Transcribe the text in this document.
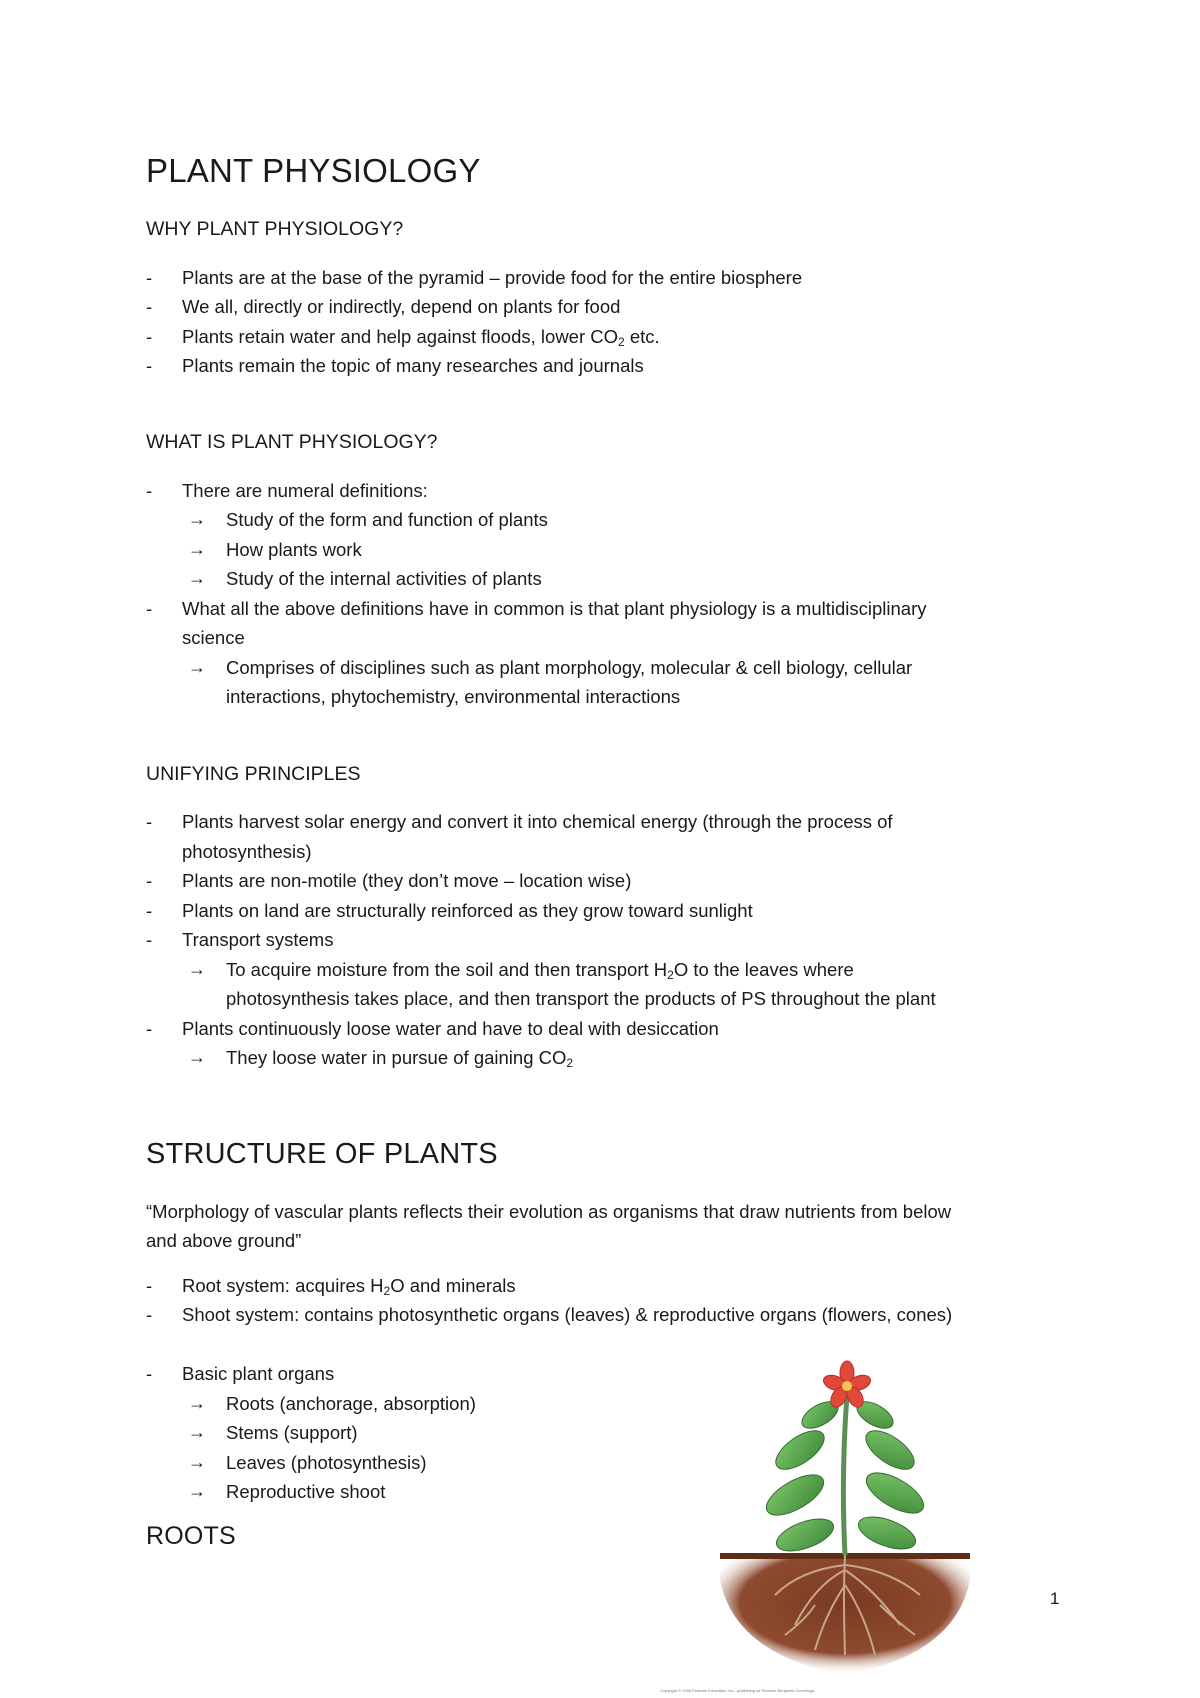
PLANT PHYSIOLOGY
WHY PLANT PHYSIOLOGY?
- Plants are at the base of the pyramid – provide food for the entire biosphere
- We all, directly or indirectly, depend on plants for food
- Plants retain water and help against floods, lower $CO_2$ etc.
- Plants remain the topic of many researches and journals
WHAT IS PLANT PHYSIOLOGY?
- There are numeral definitions:
→ Study of the form and function of plants
→ How plants work
→ Study of the internal activities of plants
- What all the above definitions have in common is that plant physiology is a multidisciplinary
science
→ Comprises of disciplines such as plant morphology, molecular & cell biology, cellular
interactions, phytochemistry, environmental interactions
UNIFYING PRINCIPLES
- Plants harvest solar energy and convert it into chemical energy (through the process of
photosynthesis)
- Plants are non-motile (they don’t move – location wise)
- Plants on land are structurally reinforced as they grow toward sunlight
- Transport systems
→ To acquire moisture from the soil and then transport $H_2O$ to the leaves where
photosynthesis takes place, and then transport the products of PS throughout the plant
- Plants continuously loose water and have to deal with desiccation
→ They loose water in pursue of gaining $CO_2$
STRUCTURE OF PLANTS
“Morphology of vascular plants reflects their evolution as organisms that draw nutrients from below
and above ground”
- Root system: acquires $H_2O$ and minerals
- Shoot system: contains photosynthetic organs (leaves) & reproductive organs (flowers, cones)
- Basic plant organs
→ Roots (anchorage, absorption)
→ Stems (support)
→ Leaves (photosynthesis)
→ Reproductive shoot
ROOTS
1
Copyright © 2008 Pearson Education, Inc., publishing as Pearson Benjamin Cummings.
